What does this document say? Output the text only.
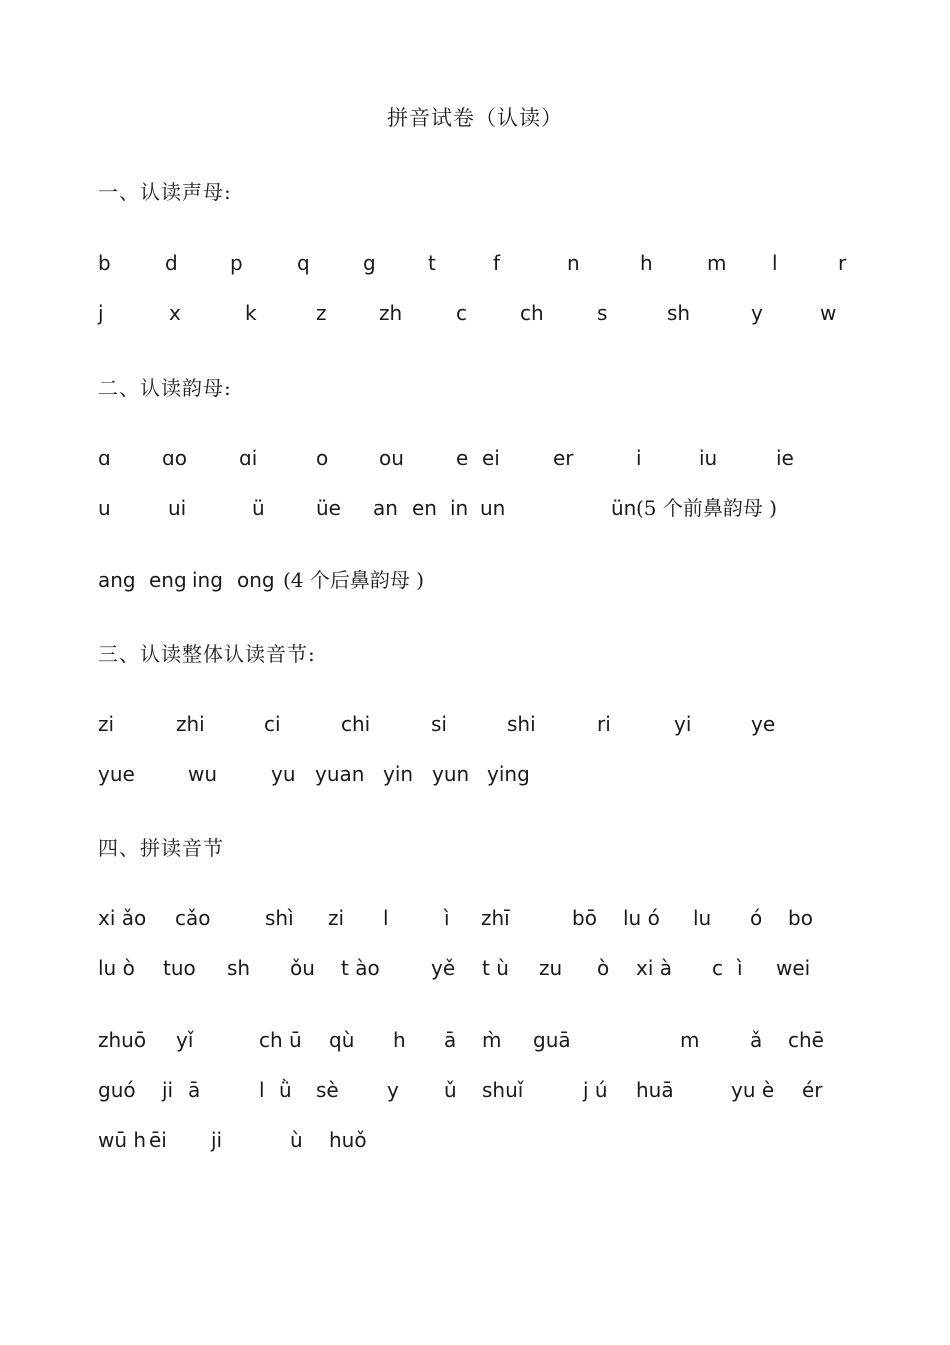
拼音试卷（认读）
一、认读声母:
b	d	p	q	g	t	f	n	h	m l	r
j	x	k	z	zh	c	ch	s	sh	y	w
二、认读韵母:
ɑ	ɑo	ɑi	o	ou	e ei	er	i	iu	ie
u	ui	ü	üe an en in un	ün (5 个前鼻韵母 )
ang eng ing ong (4 个后鼻韵母 )
三、认读整体认读音节:
zi	zhi	ci	chi	si	shi	ri	yi	ye
yue	wu	yu yuan yin yun ying
四、拼读音节
xi ǎo cǎo	shì zi l	ì zhī	bō lu ó lu ó bo
lu ò tuo sh ǒu t ào	yě t ù zu ò xi à c ì wei
zhuō yǐ	ch ū qù h ā m̀ guā	m	ǎ chē
guó ji ā	l ǜ sè y ǔ shuǐ	j ú huā	yu è ér
wū h ēi ji	ù huǒ
